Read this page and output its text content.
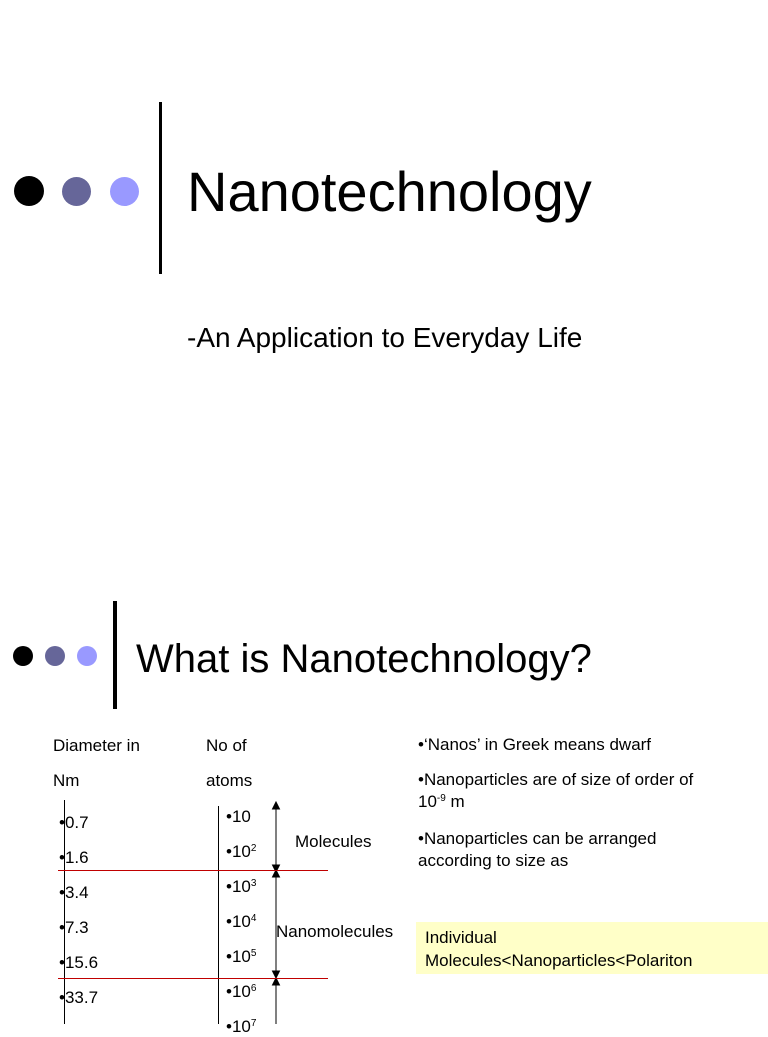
Nanotechnology
-An Application to Everyday Life
What is Nanotechnology?
Diameter in
Nm
No of
atoms
•0.7
•1.6
•3.4
•7.3
•15.6
•33.7
•10
$•10^2$
$•10^3$
$•10^4$
$•10^5$
$•10^6$
$•10^7$
Molecules
Nanomolecules
•‘Nanos’ in Greek means dwarf
•Nanoparticles are of size of order of
$10^{-9}$ m
•Nanoparticles can be arranged
according to size as
Individual
Molecules<Nanoparticles<Polariton
